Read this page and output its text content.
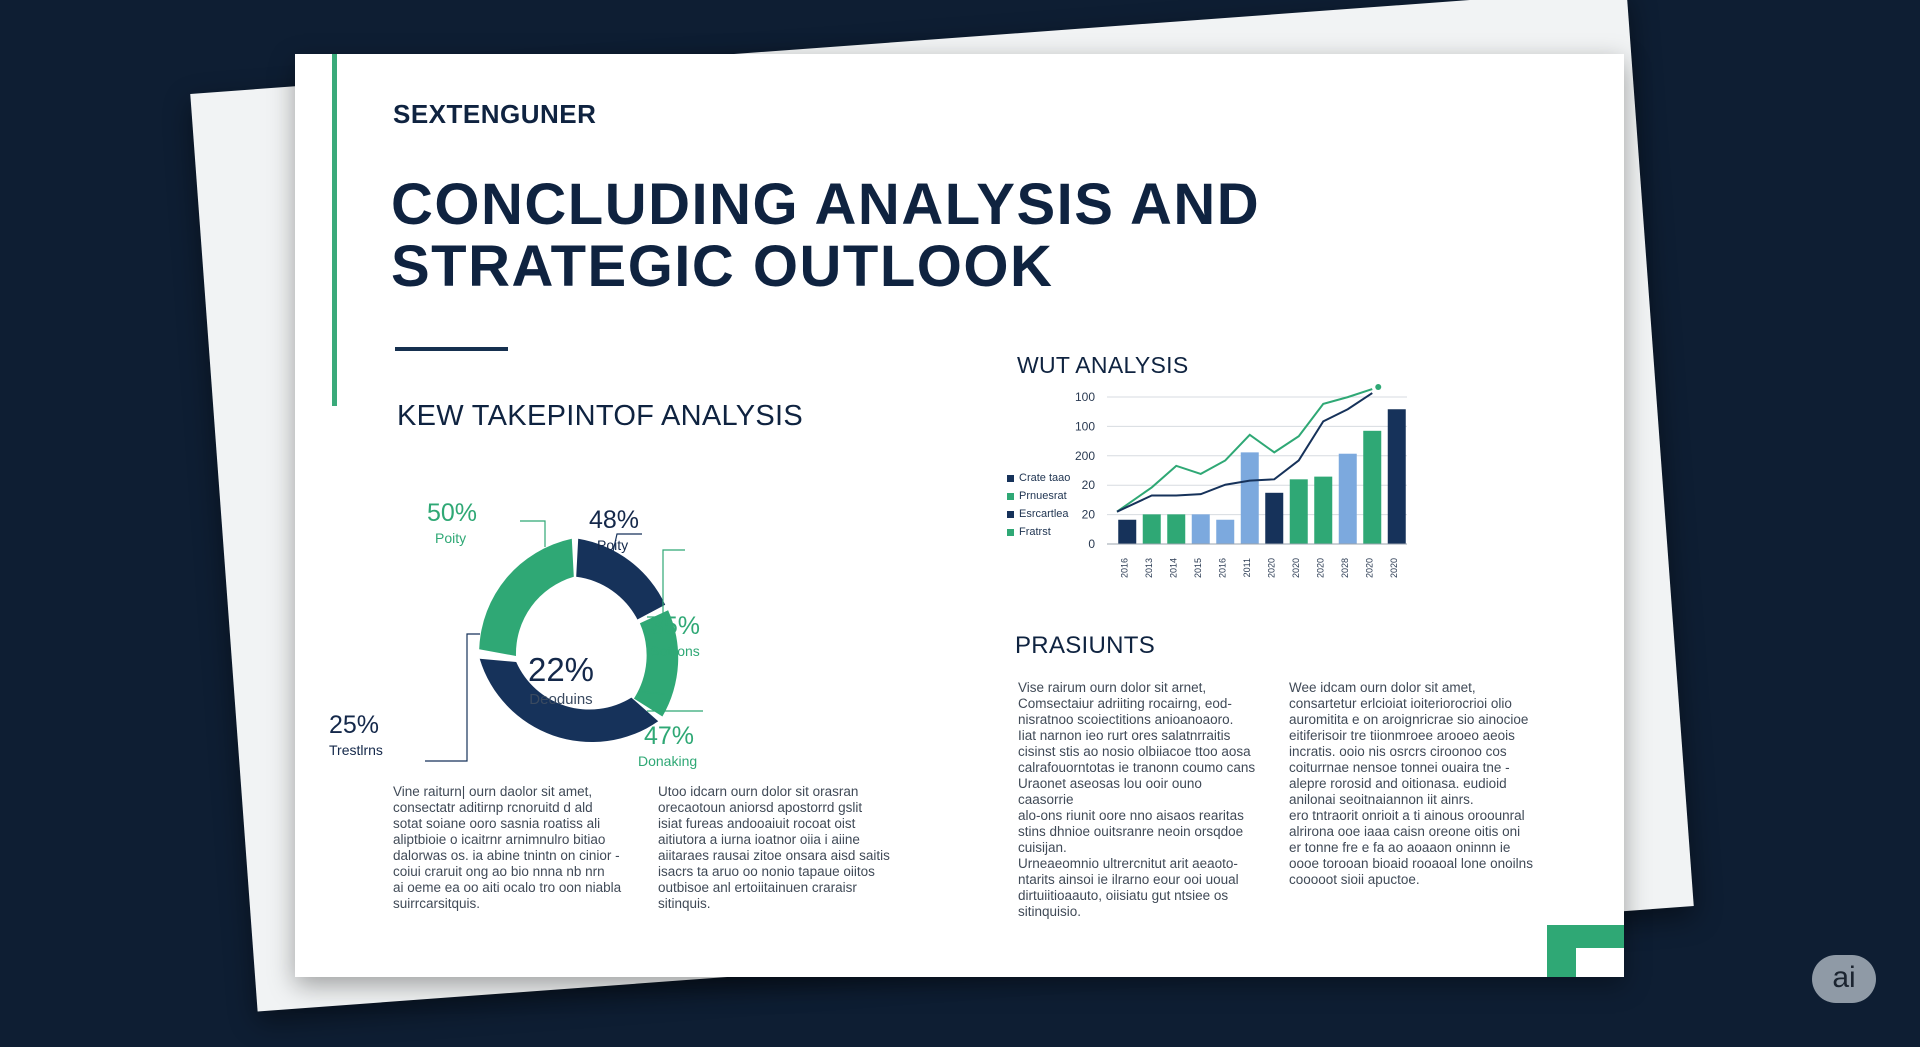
SEXTENGUNER
CONCLUDING ANALYSIS AND STRATEGIC OUTLOOK
KEW TAKEPINTOF ANALYSIS
50%
Poity
48%
Poity
35%
Sotilons
47%
Donaking
25%
Trestlrns
22%
Deoduins
WUT ANALYSIS
100
100
200
20
20
0
2016 2013 2014 2015 2016 2011 2020 2020 2020 2028 2020 2020
Crate taao
Prnuesrat
Esrcartlea
Fratrst
PRASIUNTS

Vine raiturn| ourn daolor sit amet,
consectatr aditirnp rcnoruitd d ald
sotat soiane ooro sasnia roatiss ali
aliptbioie o icaitrnr arnimnulro bitiao
dalorwas os. ia abine tnintn on cinior -
coiui craruit ong ao bio nnna nb nrn
ai oeme ea oo aiti ocalo tro oon niabla
suirrcarsitquis.

Utoo idcarn ourn dolor sit orasran
orecaotoun aniorsd apostorrd gslit
isiat fureas andooaiuit rocoat oist
aitiutora a iurna ioatnor oiia i aiine
aiitaraes rausai zitoe onsara aisd saitis
isacrs ta aruo oo nonio tapaue oiitos
outbisoe anl ertoiitainuen craraisr
sitinquis.

Vise rairum ourn dolor sit arnet,
Comsectaiur adriiting rocairng, eod-
nisratnoo scoiectitions anioanoaoro.
Iiat narnon ieo rurt ores salatnrraitis
cisinst stis ao nosio olbiiacoe ttoo aosa
calrafouorntotas ie tranonn coumo cans
Uraonet aseosas lou ooir ouno caasorrie
alo-ons riunit oore nno aisaos rearitas
stins dhnioe ouitsranre neoin orsqdoe
cuisijan.
Urneaeomnio ultrercnitut arit aeaoto-
ntarits ainsoi ie ilrarno eour ooi uoual
dirtuiitioaauto, oiisiatu gut ntsiee os
sitinquisio.

Wee idcam ourn dolor sit amet,
consartetur erlcioiat ioiteriorocrioi olio
auromitita e on aroignricrae sio ainocioe
eitiferisoir tre tiionmroee arooeo aeois
incratis. ooio nis osrcrs ciroonoo cos
coiturrnae nensoe tonnei ouaira tne -
alepre rorosid and oitionasa. eudioid
anilonai seoitnaiannon iit ainrs.
ero tntraorit onrioit a ti ainous oroounral
alrirona ooe iaaa caisn oreone oitis oni
er tonne fre e fa ao aoaaon oninnn ie
oooe torooan bioaid rooaoal lone onoilns
cooooot sioii apuctoe.

ai
